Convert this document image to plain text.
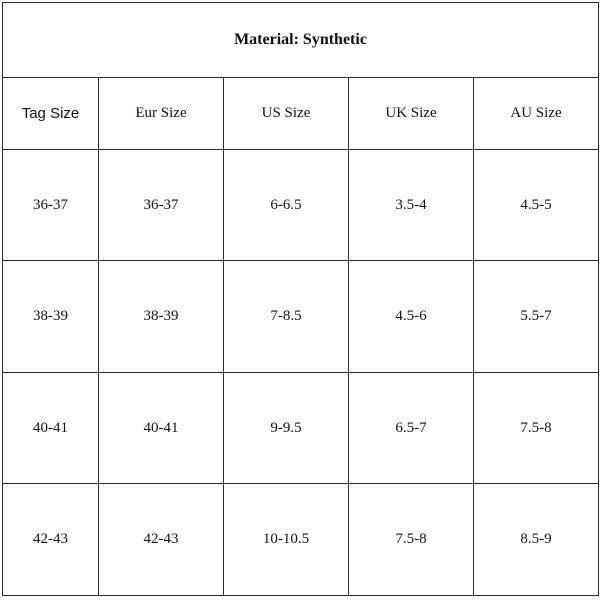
Material: Synthetic				
Tag Size	Eur Size	US Size	UK Size	AU Size
36-37	36-37	6-6.5	3.5-4	4.5-5
38-39	38-39	7-8.5	4.5-6	5.5-7
40-41	40-41	9-9.5	6.5-7	7.5-8
42-43	42-43	10-10.5	7.5-8	8.5-9
